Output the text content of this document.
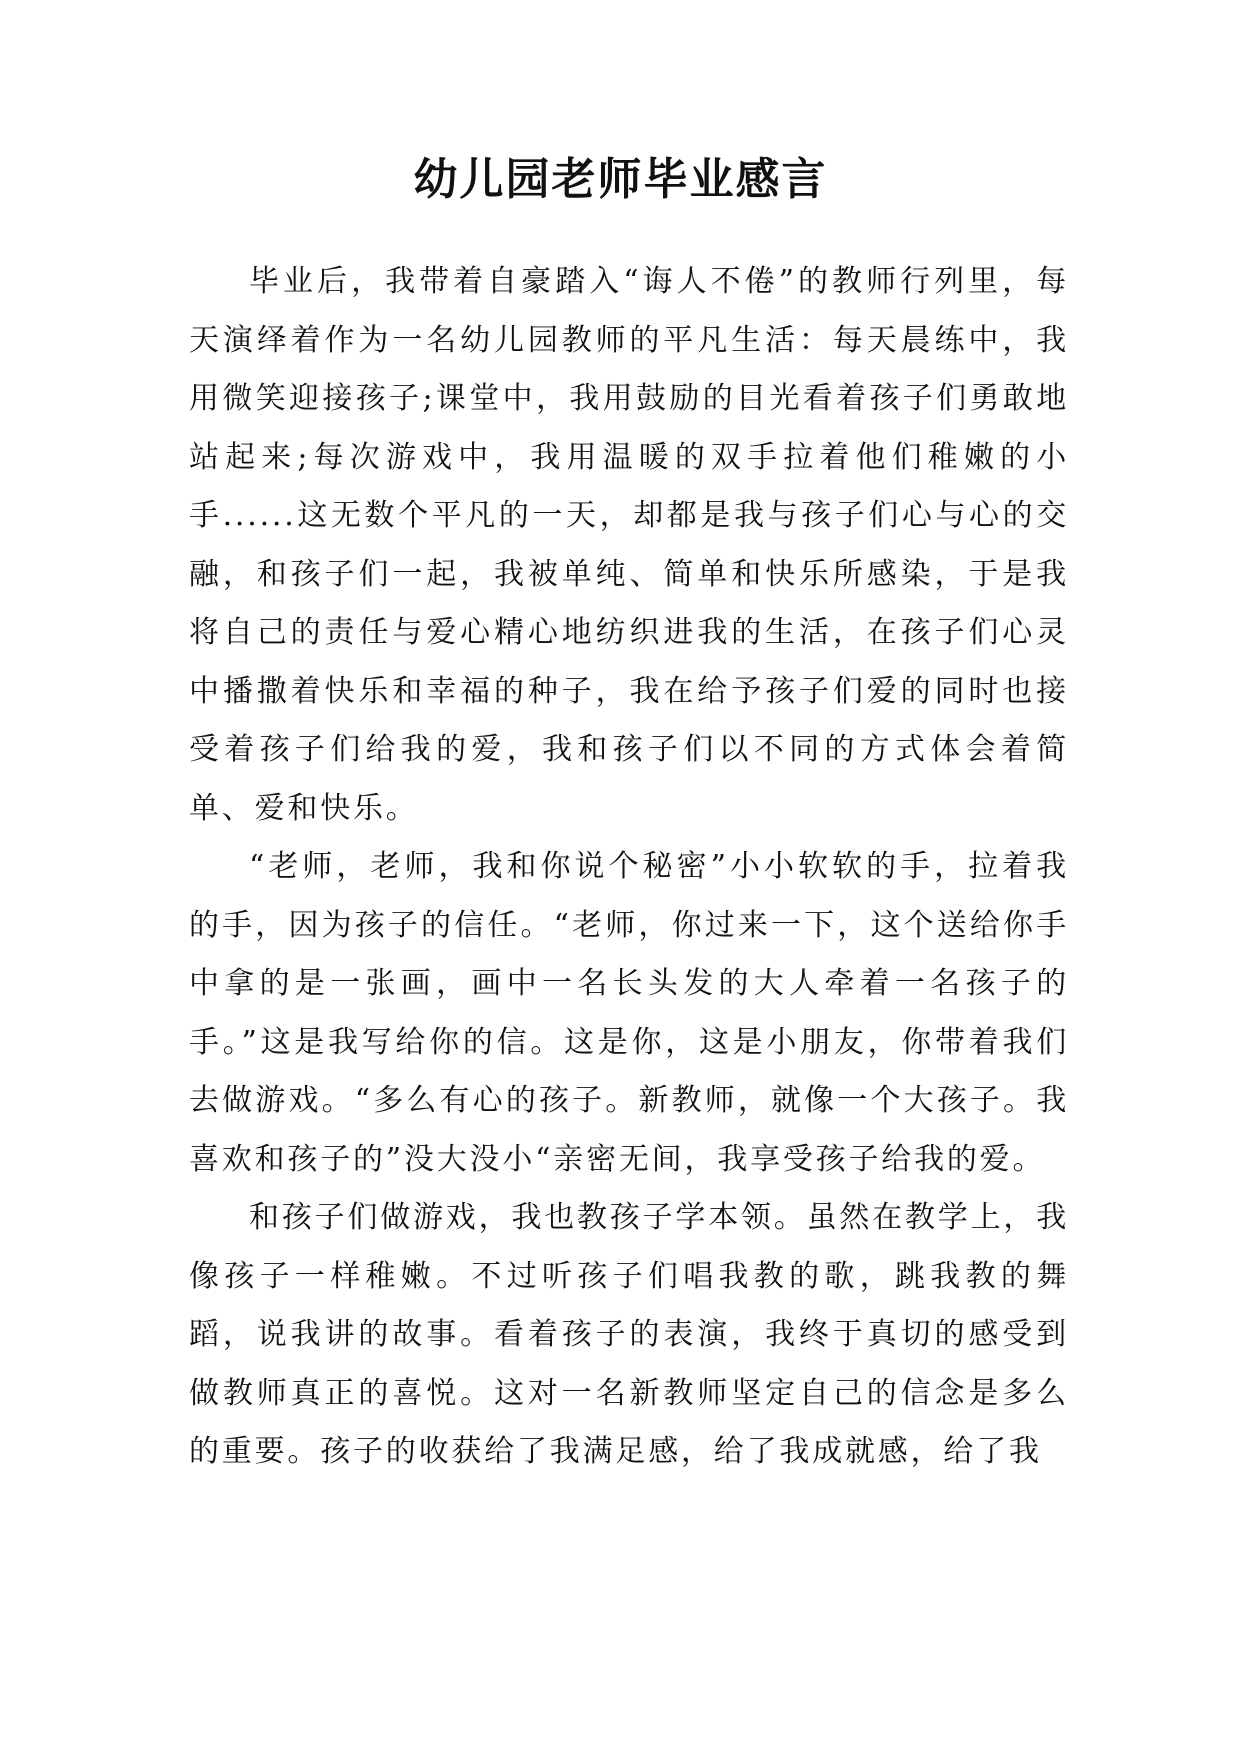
幼儿园老师毕业感言

毕业后，我带着自豪踏入“诲人不倦”的教师行列里，每天演绎着作为一名幼儿园教师的平凡生活：每天晨练中，我用微笑迎接孩子;课堂中，我用鼓励的目光看着孩子们勇敢地站起来;每次游戏中，我用温暖的双手拉着他们稚嫩的小手......这无数个平凡的一天，却都是我与孩子们心与心的交融，和孩子们一起，我被单纯、简单和快乐所感染，于是我将自己的责任与爱心精心地纺织进我的生活，在孩子们心灵中播撒着快乐和幸福的种子，我在给予孩子们爱的同时也接受着孩子们给我的爱，我和孩子们以不同的方式体会着简单、爱和快乐。

“老师，老师，我和你说个秘密”小小软软的手，拉着我的手，因为孩子的信任。“老师，你过来一下，这个送给你手中拿的是一张画，画中一名长头发的大人牵着一名孩子的手。”这是我写给你的信。这是你，这是小朋友，你带着我们去做游戏。“多么有心的孩子。新教师，就像一个大孩子。我喜欢和孩子的”没大没小“亲密无间，我享受孩子给我的爱。

和孩子们做游戏，我也教孩子学本领。虽然在教学上，我像孩子一样稚嫩。不过听孩子们唱我教的歌，跳我教的舞蹈，说我讲的故事。看着孩子的表演，我终于真切的感受到做教师真正的喜悦。这对一名新教师坚定自己的信念是多么的重要。孩子的收获给了我满足感，给了我成就感，给了我
